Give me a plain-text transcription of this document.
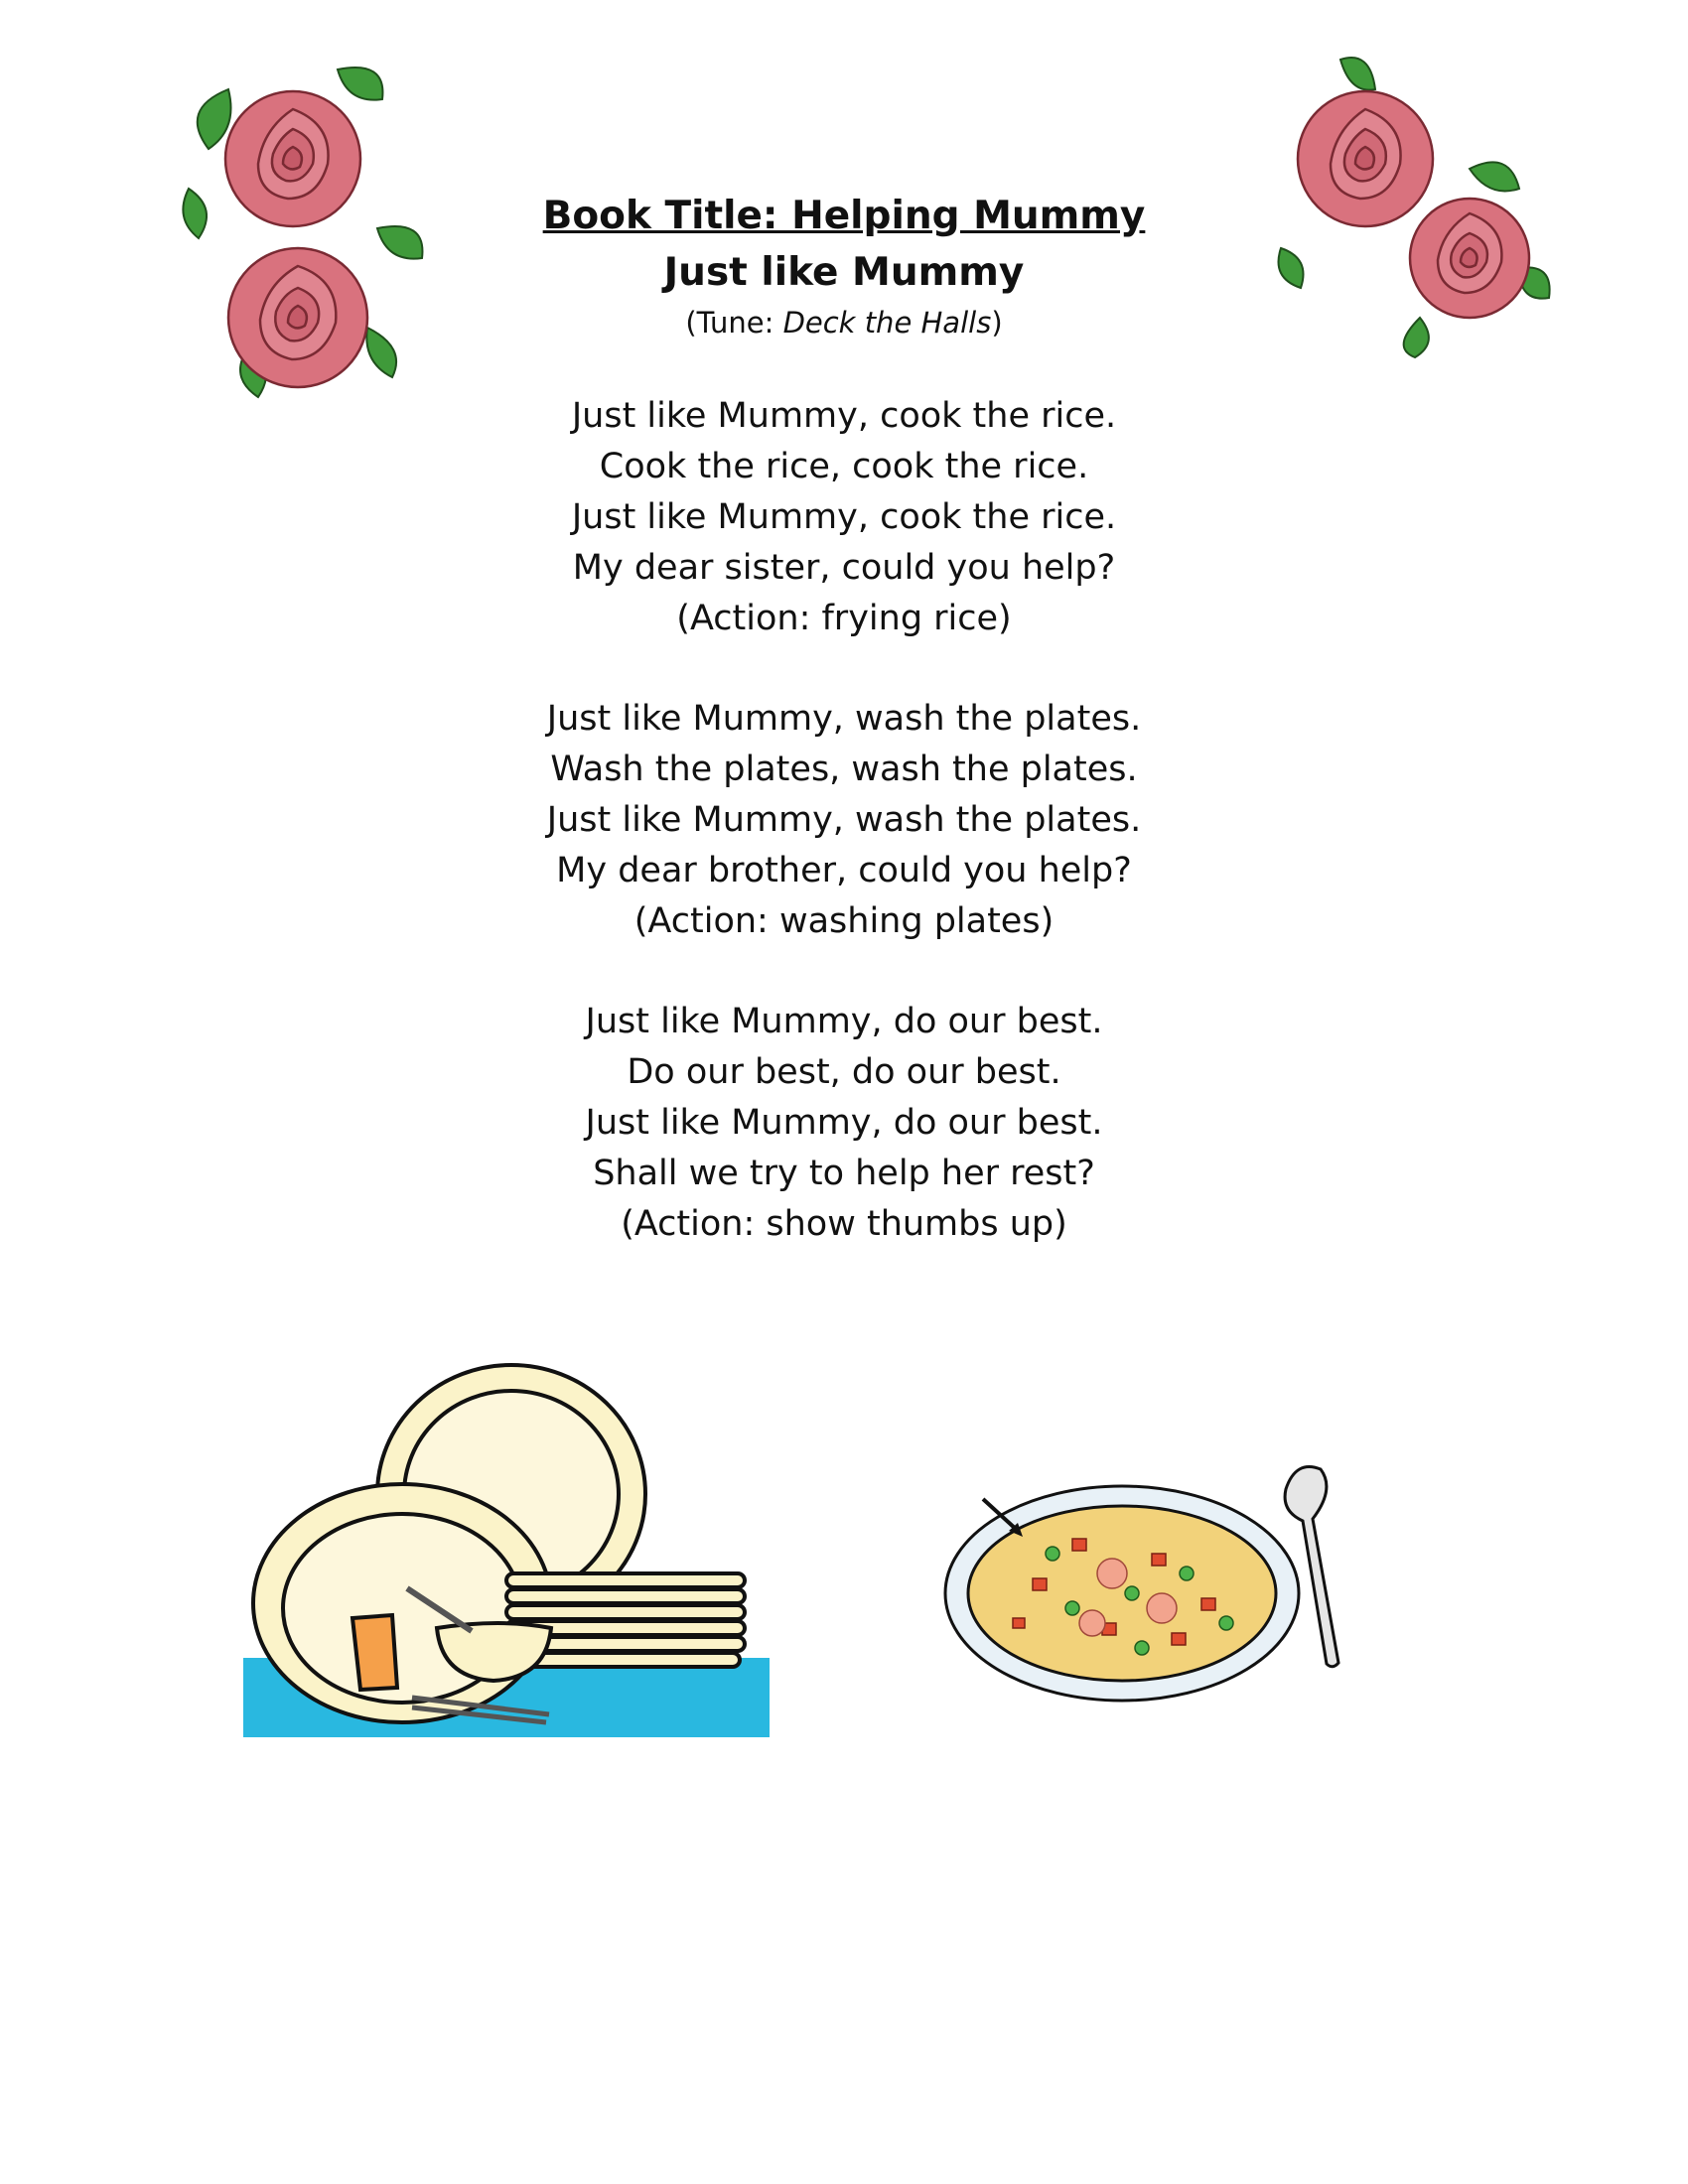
Book Title: Helping Mummy

Just like Mummy

(Tune: Deck the Halls)

Just like Mummy, cook the rice.
Cook the rice, cook the rice.
Just like Mummy, cook the rice.
My dear sister, could you help?
(Action: frying rice)
Just like Mummy, wash the plates.
Wash the plates, wash the plates.
Just like Mummy, wash the plates.
My dear brother, could you help?
(Action: washing plates)
Just like Mummy, do our best.
Do our best, do our best.
Just like Mummy, do our best.
Shall we try to help her rest?
(Action: show thumbs up)
